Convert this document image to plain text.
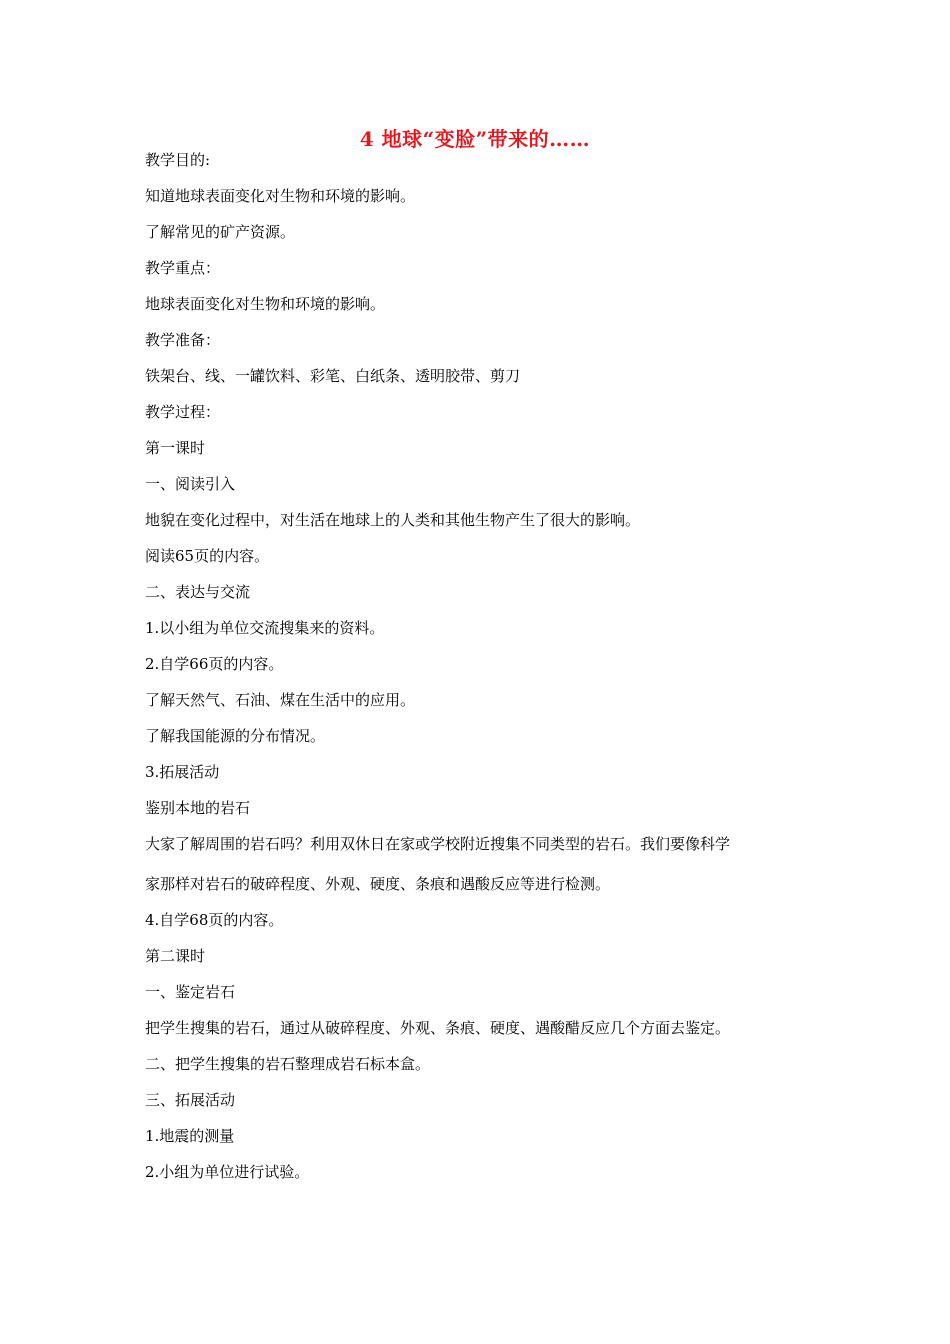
4 地球“变脸”带来的……
教学目的:
知道地球表面变化对生物和环境的影响。
了解常见的矿产资源。
教学重点：
地球表面变化对生物和环境的影响。
教学准备：
铁架台、线、一罐饮料、彩笔、白纸条、透明胶带、剪刀
教学过程：
第一课时
一、阅读引入
地貌在变化过程中，对生活在地球上的人类和其他生物产生了很大的影响。
阅读65页的内容。
二、表达与交流
1.以小组为单位交流搜集来的资料。
2.自学66页的内容。
了解天然气、石油、煤在生活中的应用。
了解我国能源的分布情况。
3.拓展活动
鉴别本地的岩石
大家了解周围的岩石吗？利用双休日在家或学校附近搜集不同类型的岩石。我们要像科学
家那样对岩石的破碎程度、外观、硬度、条痕和遇酸反应等进行检测。
4.自学68页的内容。
第二课时
一、鉴定岩石
把学生搜集的岩石，通过从破碎程度、外观、条痕、硬度、遇酸醋反应几个方面去鉴定。
二、把学生搜集的岩石整理成岩石标本盒。
三、拓展活动
1.地震的测量
2.小组为单位进行试验。
